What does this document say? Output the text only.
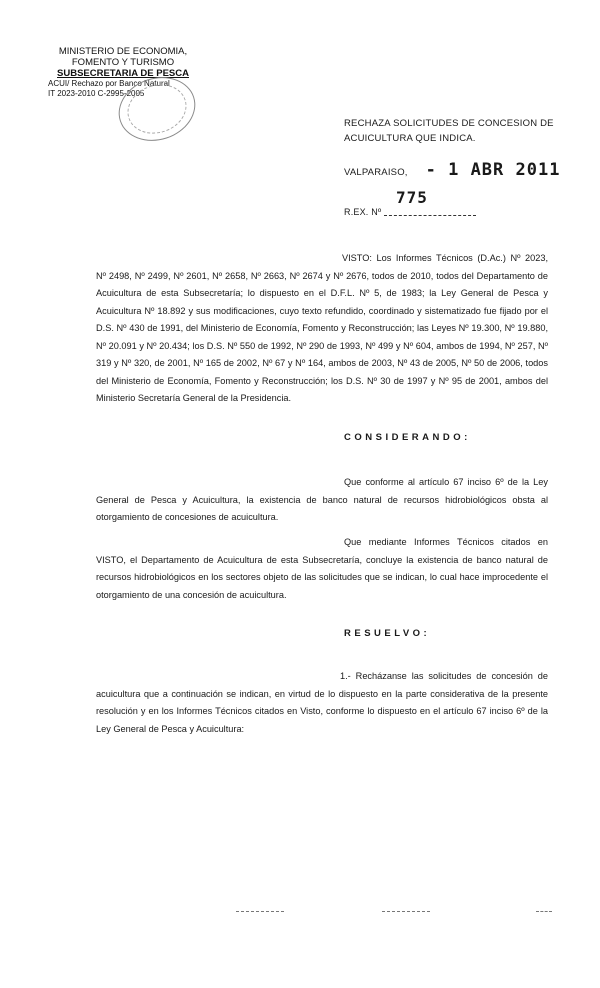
MINISTERIO DE ECONOMIA,
FOMENTO Y TURISMO
SUBSECRETARIA DE PESCA
ACUI/ Rechazo por Banco Natural
IT 2023-2010 C-2995-2005
RECHAZA SOLICITUDES DE CONCESION DE ACUICULTURA QUE INDICA.
VALPARAISO, - 1 ABR 2011
775
R.EX. Nº
VISTO: Los Informes Técnicos (D.Ac.) Nº 2023, Nº 2498, Nº 2499, Nº 2601, Nº 2658, Nº 2663, Nº 2674 y Nº 2676, todos de 2010, todos del Departamento de Acuicultura de esta Subsecretaría; lo dispuesto en el D.F.L. Nº 5, de 1983; la Ley General de Pesca y Acuicultura Nº 18.892 y sus modificaciones, cuyo texto refundido, coordinado y sistematizado fue fijado por el D.S. Nº 430 de 1991, del Ministerio de Economía, Fomento y Reconstrucción; las Leyes Nº 19.300, Nº 19.880, Nº 20.091 y Nº 20.434; los D.S. Nº 550 de 1992, Nº 290 de 1993, Nº 499 y Nº 604, ambos de 1994, Nº 257, Nº 319 y Nº 320, de 2001, Nº 165 de 2002, Nº 67 y Nº 164, ambos de 2003, Nº 43 de 2005, Nº 50 de 2006, todos del Ministerio de Economía, Fomento y Reconstrucción; los D.S. Nº 30 de 1997 y Nº 95 de 2001, ambos del Ministerio Secretaría General de la Presidencia.
CONSIDERANDO:
Que conforme al artículo 67 inciso 6º de la Ley General de Pesca y Acuicultura, la existencia de banco natural de recursos hidrobiológicos obsta al otorgamiento de concesiones de acuicultura.
Que mediante Informes Técnicos citados en VISTO, el Departamento de Acuicultura de esta Subsecretaría, concluye la existencia de banco natural de recursos hidrobiológicos en los sectores objeto de las solicitudes que se indican, lo cual hace improcedente el otorgamiento de una concesión de acuicultura.
RESUELVO:
1.- Recházanse las solicitudes de concesión de acuicultura que a continuación se indican, en virtud de lo dispuesto en la parte considerativa de la presente resolución y en los Informes Técnicos citados en Visto, conforme lo dispuesto en el artículo 67 inciso 6º de la Ley General de Pesca y Acuicultura:
